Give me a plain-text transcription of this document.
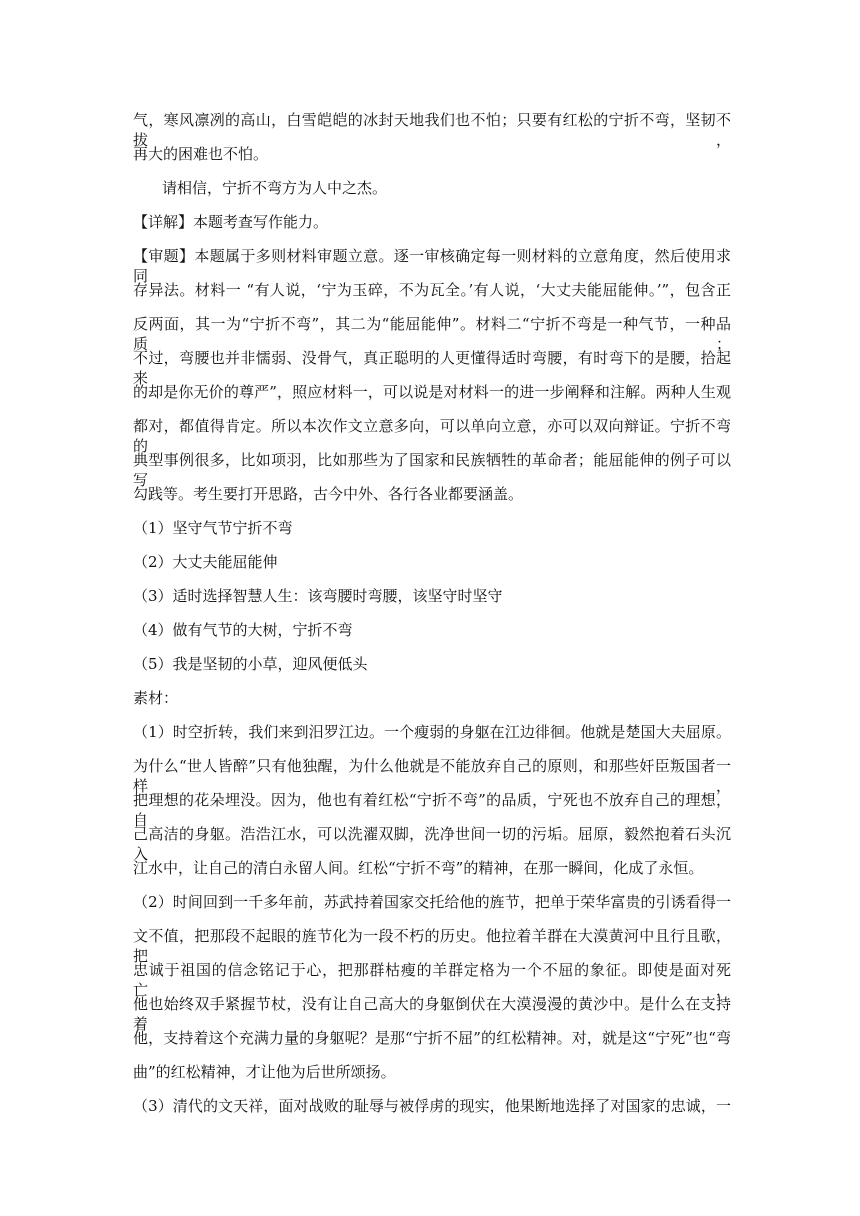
气，寒风凛冽的高山，白雪皑皑的冰封天地我们也不怕；只要有红松的宁折不弯，坚韧不拔，
再大的困难也不怕。
请相信，宁折不弯方为人中之杰。
【详解】本题考查写作能力。
【审题】本题属于多则材料审题立意。逐一审核确定每一则材料的立意角度，然后使用求同
存异法。材料一 “有人说，‘宁为玉碎，不为瓦全。’有人说，‘大丈夫能屈能伸。’”，包含正
反两面，其一为“宁折不弯”，其二为“能屈能伸”。材料二“宁折不弯是一种气节，一种品质；
不过，弯腰也并非懦弱、没骨气，真正聪明的人更懂得适时弯腰，有时弯下的是腰，拾起来
的却是你无价的尊严”，照应材料一，可以说是对材料一的进一步阐释和注解。两种人生观
都对，都值得肯定。所以本次作文立意多向，可以单向立意，亦可以双向辩证。宁折不弯的
典型事例很多，比如项羽，比如那些为了国家和民族牺牲的革命者；能屈能伸的例子可以写
勾践等。考生要打开思路，古今中外、各行各业都要涵盖。
（1）坚守气节宁折不弯
（2）大丈夫能屈能伸
（3）适时选择智慧人生：该弯腰时弯腰，该坚守时坚守
（4）做有气节的大树，宁折不弯
（5）我是坚韧的小草，迎风便低头
素材：
（1）时空折转，我们来到汨罗江边。一个瘦弱的身躯在江边徘徊。他就是楚国大夫屈原。
为什么“世人皆醉”只有他独醒，为什么他就是不能放弃自己的原则，和那些奸臣叛国者一样，
把理想的花朵埋没。因为，他也有着红松“宁折不弯”的品质，宁死也不放弃自己的理想，自
己高洁的身躯。浩浩江水，可以洗濯双脚，洗净世间一切的污垢。屈原，毅然抱着石头沉入
江水中，让自己的清白永留人间。红松“宁折不弯”的精神，在那一瞬间，化成了永恒。
（2）时间回到一千多年前，苏武持着国家交托给他的旌节，把单于荣华富贵的引诱看得一
文不值，把那段不起眼的旌节化为一段不朽的历史。他拉着羊群在大漠黄河中且行且歌，把
忠诚于祖国的信念铭记于心，把那群枯瘦的羊群定格为一个不屈的象征。即使是面对死亡，
他也始终双手紧握节杖，没有让自己高大的身躯倒伏在大漠漫漫的黄沙中。是什么在支持着
他，支持着这个充满力量的身躯呢？是那“宁折不屈”的红松精神。对，就是这“宁死”也“弯
曲”的红松精神，才让他为后世所颂扬。
（3）清代的文天祥，面对战败的耻辱与被俘虏的现实，他果断地选择了对国家的忠诚，一
